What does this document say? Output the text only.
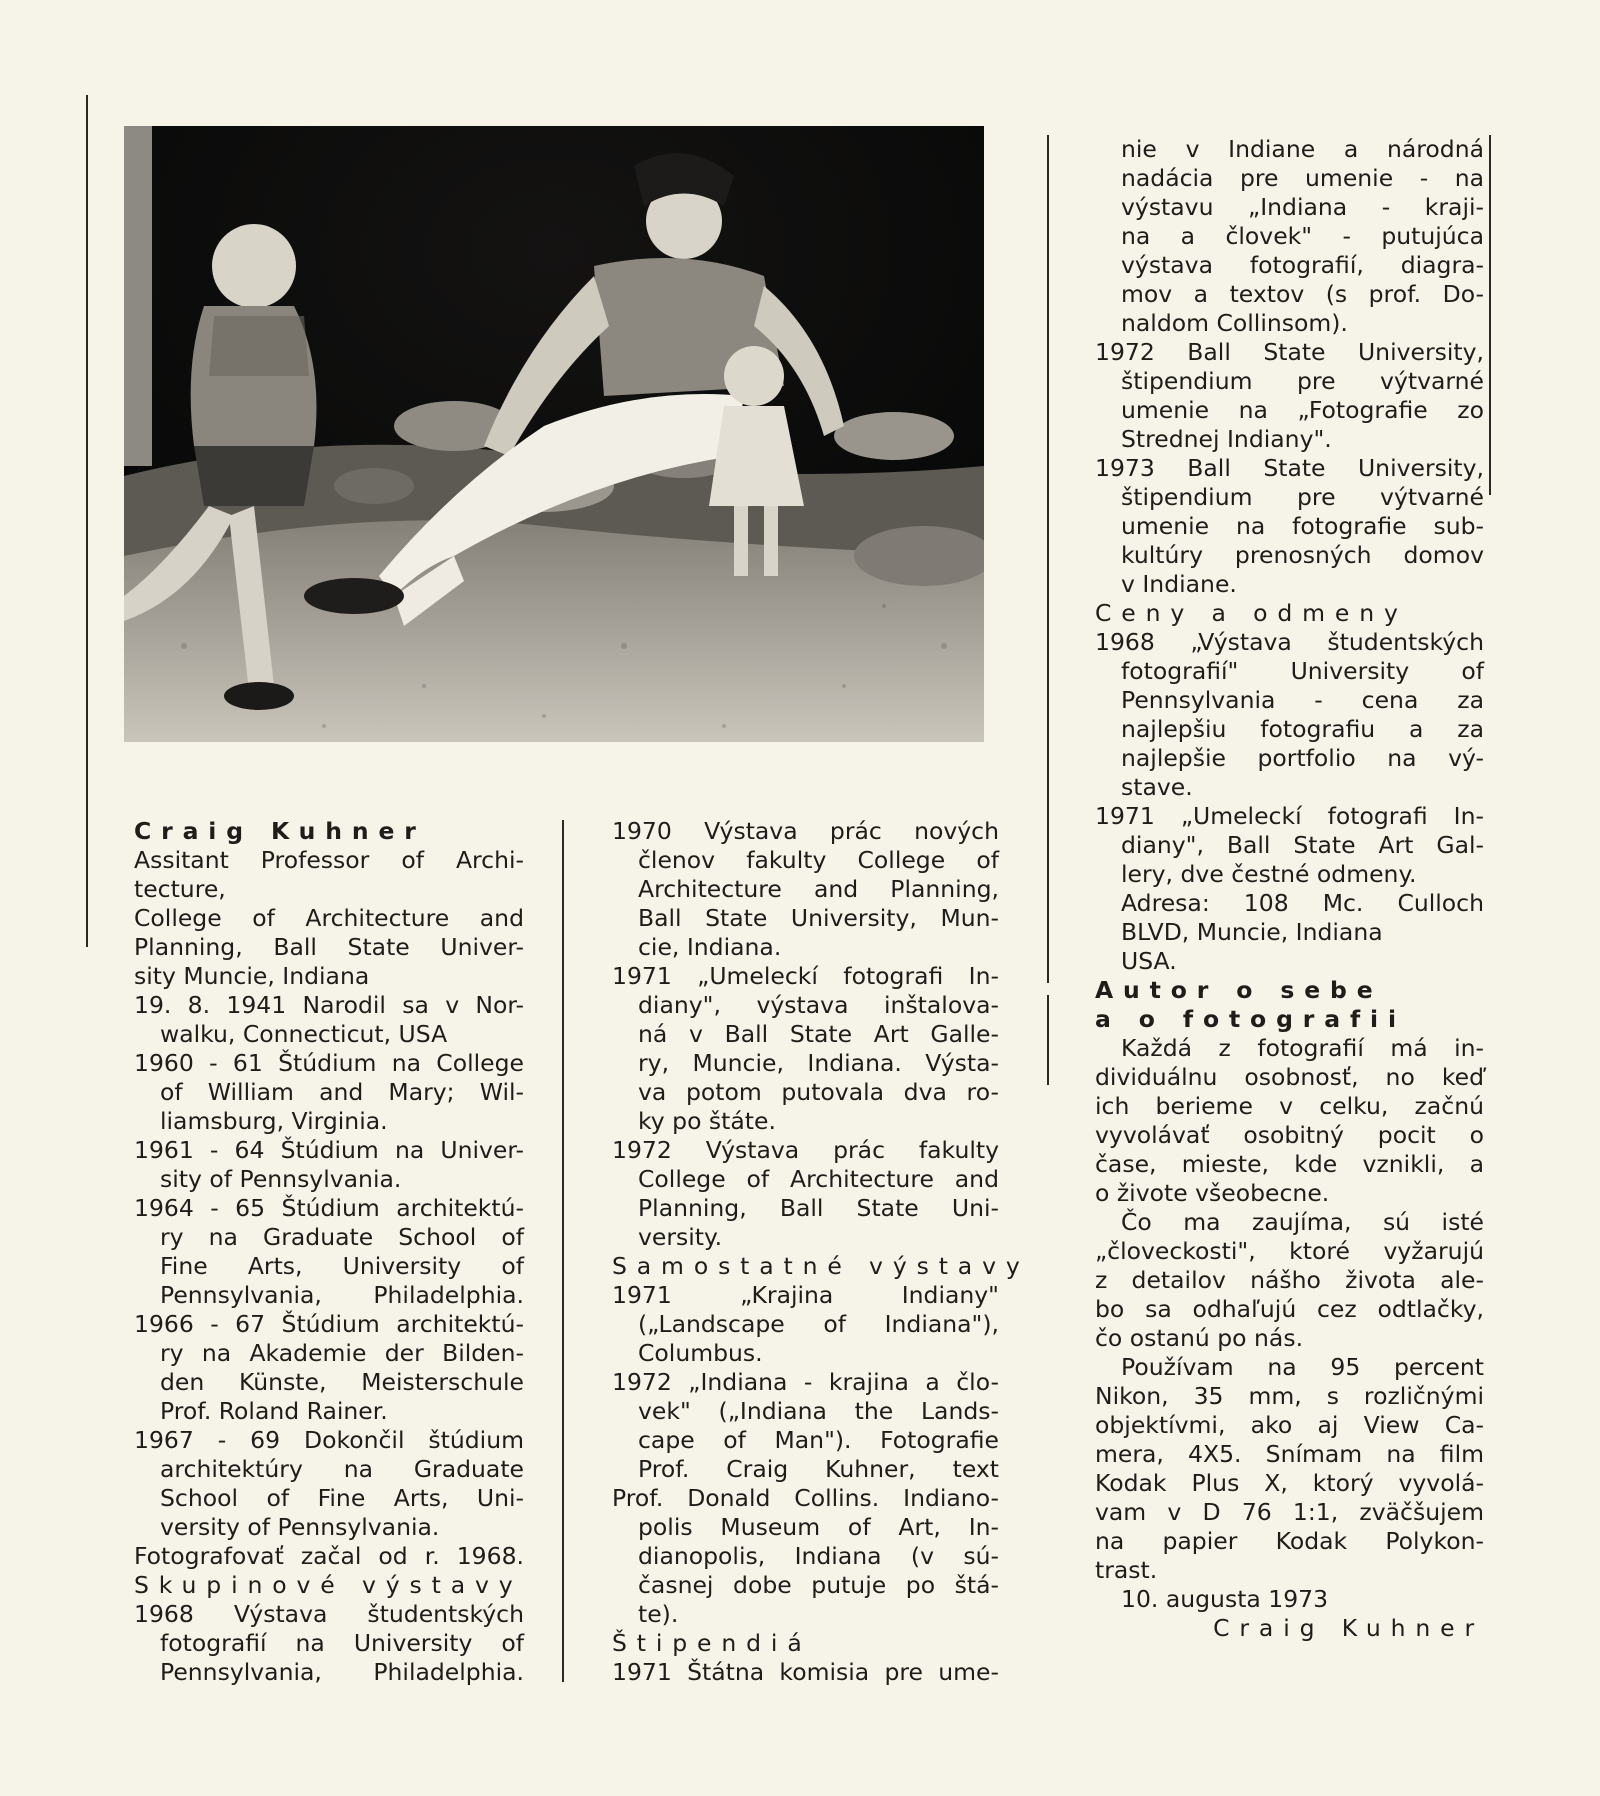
Craig Kuhner
Assitant Professor of Archi-
tecture,
College of Architecture and
Planning, Ball State Univer-
sity Muncie, Indiana
19. 8. 1941 Narodil sa v Nor-
walku, Connecticut, USA
1960 - 61 Štúdium na College
of William and Mary; Wil-
liamsburg, Virginia.
1961 - 64 Štúdium na Univer-
sity of Pennsylvania.
1964 - 65 Štúdium architektú-
ry na Graduate School of
Fine Arts, University of
Pennsylvania, Philadelphia.
1966 - 67 Štúdium architektú-
ry na Akademie der Bilden-
den Künste, Meisterschule
Prof. Roland Rainer.
1967 - 69 Dokončil štúdium
architektúry na Graduate
School of Fine Arts, Uni-
versity of Pennsylvania.
Fotografovať začal od r. 1968.
Skupinové výstavy
1968 Výstava študentských
fotografií na University of
Pennsylvania, Philadelphia.
1970 Výstava prác nových
členov fakulty College of
Architecture and Planning,
Ball State University, Mun-
cie, Indiana.
1971 „Umeleckí fotografi In-
diany", výstava inštalova-
ná v Ball State Art Galle-
ry, Muncie, Indiana. Výsta-
va potom putovala dva ro-
ky po štáte.
1972 Výstava prác fakulty
College of Architecture and
Planning, Ball State Uni-
versity.
Samostatné výstavy
1971 „Krajina Indiany"
(„Landscape of Indiana"),
Columbus.
1972 „Indiana - krajina a člo-
vek" („Indiana the Lands-
cape of Man"). Fotografie
Prof. Craig Kuhner, text
Prof. Donald Collins. Indiano-
polis Museum of Art, In-
dianopolis, Indiana (v sú-
časnej dobe putuje po štá-
te).
Štipendiá
1971 Štátna komisia pre ume-
nie v Indiane a národná
nadácia pre umenie - na
výstavu „Indiana - kraji-
na a človek" - putujúca
výstava fotografií, diagra-
mov a textov (s prof. Do-
naldom Collinsom).
1972 Ball State University,
štipendium pre výtvarné
umenie na „Fotografie zo
Strednej Indiany".
1973 Ball State University,
štipendium pre výtvarné
umenie na fotografie sub-
kultúry prenosných domov
v Indiane.
Ceny a odmeny
1968 „Výstava študentských
fotografií" University of
Pennsylvania - cena za
najlepšiu fotografiu a za
najlepšie portfolio na vý-
stave.
1971 „Umeleckí fotografi In-
diany", Ball State Art Gal-
lery, dve čestné odmeny.
Adresa: 108 Mc. Culloch
BLVD, Muncie, Indiana
USA.
Autor o sebe
a o fotografii
Každá z fotografií má in-
dividuálnu osobnosť, no keď
ich berieme v celku, začnú
vyvolávať osobitný pocit o
čase, mieste, kde vznikli, a
o živote všeobecne.
Čo ma zaujíma, sú isté
„človeckosti", ktoré vyžarujú
z detailov nášho života ale-
bo sa odhaľujú cez odtlačky,
čo ostanú po nás.
Používam na 95 percent
Nikon, 35 mm, s rozličnými
objektívmi, ako aj View Ca-
mera, 4X5. Snímam na film
Kodak Plus X, ktorý vyvolá-
vam v D 76 1:1, zväčšujem
na papier Kodak Polykon-
trast.
10. augusta 1973
Craig Kuhner
